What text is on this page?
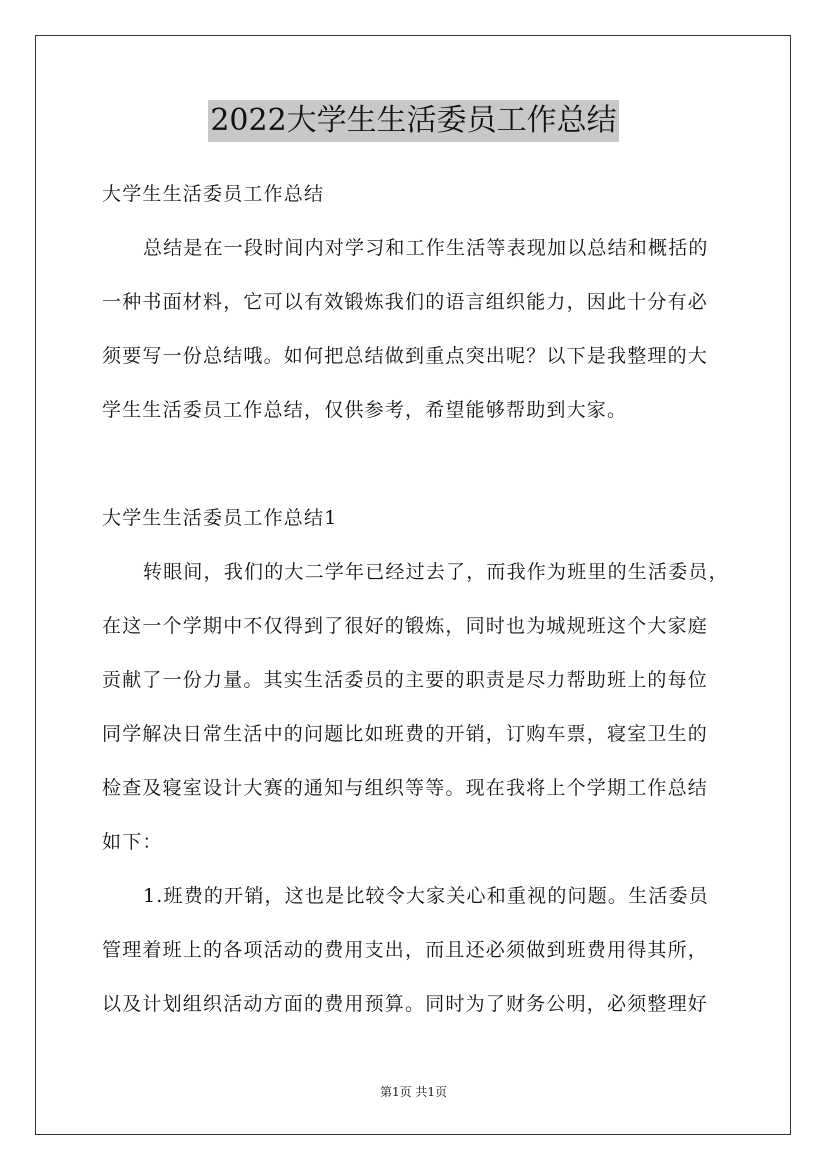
2022大学生生活委员工作总结
大学生生活委员工作总结
总结是在一段时间内对学习和工作生活等表现加以总结和概括的
一种书面材料，它可以有效锻炼我们的语言组织能力，因此十分有必
须要写一份总结哦。如何把总结做到重点突出呢？以下是我整理的大
学生生活委员工作总结，仅供参考，希望能够帮助到大家。
大学生生活委员工作总结1
转眼间，我们的大二学年已经过去了，而我作为班里的生活委员，
在这一个学期中不仅得到了很好的锻炼，同时也为城规班这个大家庭
贡献了一份力量。其实生活委员的主要的职责是尽力帮助班上的每位
同学解决日常生活中的问题比如班费的开销，订购车票，寝室卫生的
检查及寝室设计大赛的通知与组织等等。现在我将上个学期工作总结
如下：
1.班费的开销，这也是比较令大家关心和重视的问题。生活委员
管理着班上的各项活动的费用支出，而且还必须做到班费用得其所，
以及计划组织活动方面的费用预算。同时为了财务公明，必须整理好
第1页 共1页
